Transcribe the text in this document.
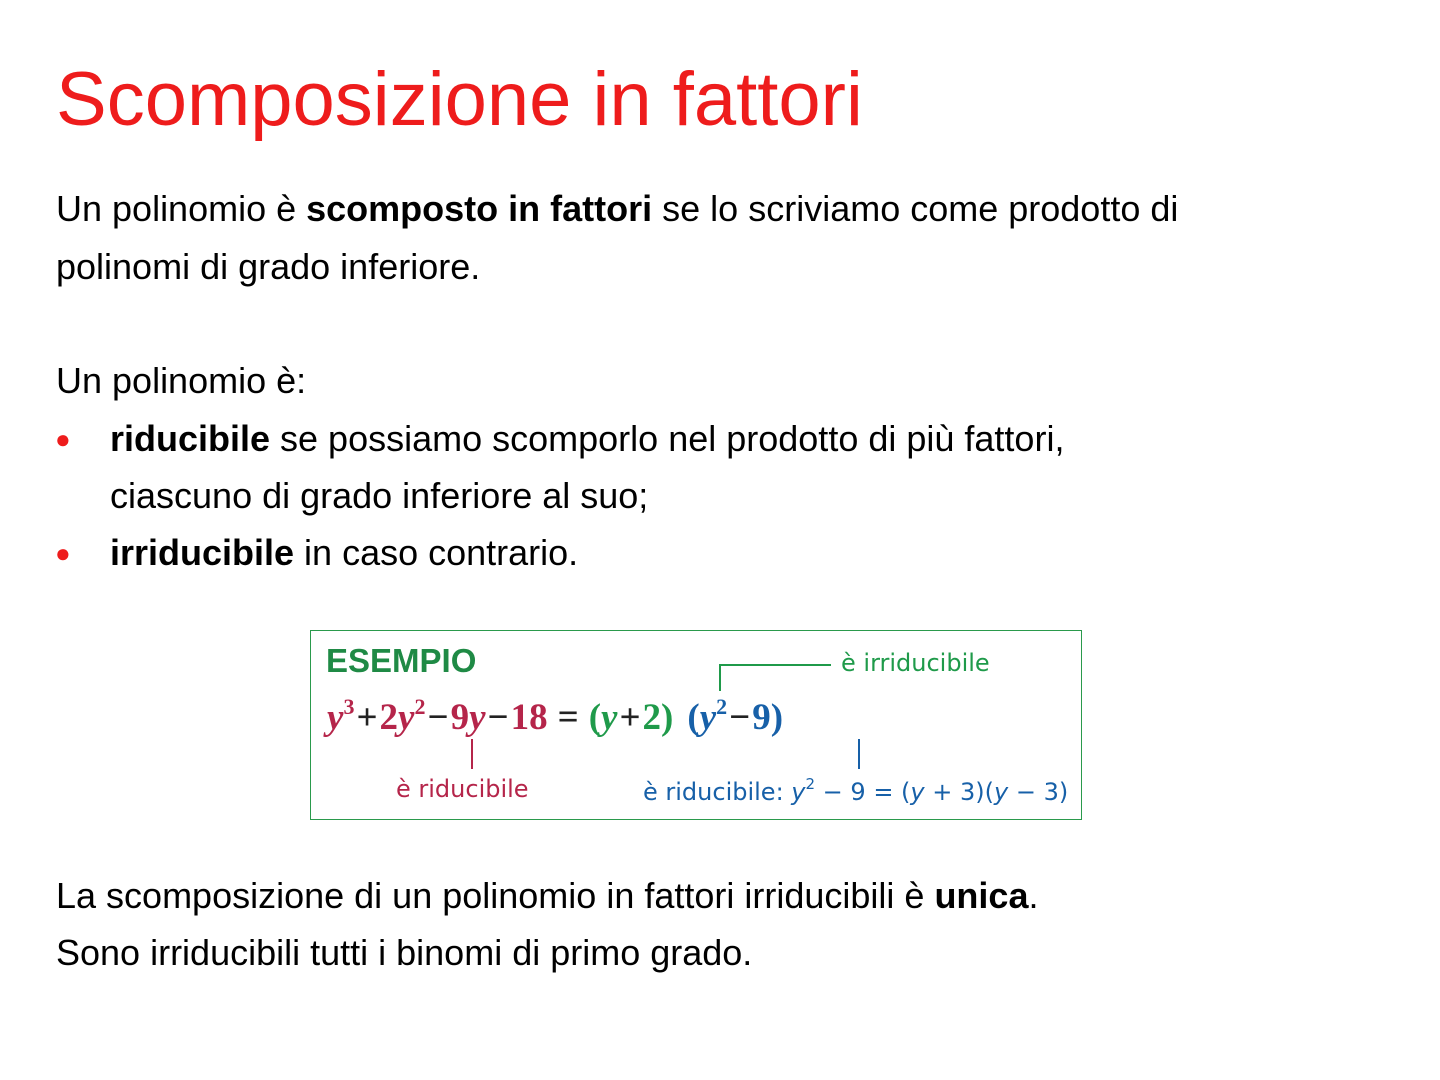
Scomposizione in fattori
Un polinomio è scomposto in fattori se lo scriviamo come prodotto di
polinomi di grado inferiore.
Un polinomio è:
● riducibile se possiamo scomporlo nel prodotto di più fattori,
ciascuno di grado inferiore al suo;
● irriducibile in caso contrario.
ESEMPIO	è irriducibile
$y^3+2y^2-9y-18 = (y+2)$ $(y^2-9)$
è riducibile	è riducibile: $y^2 - 9 = (y + 3)(y - 3)$
La scomposizione di un polinomio in fattori irriducibili è unica.
Sono irriducibili tutti i binomi di primo grado.
